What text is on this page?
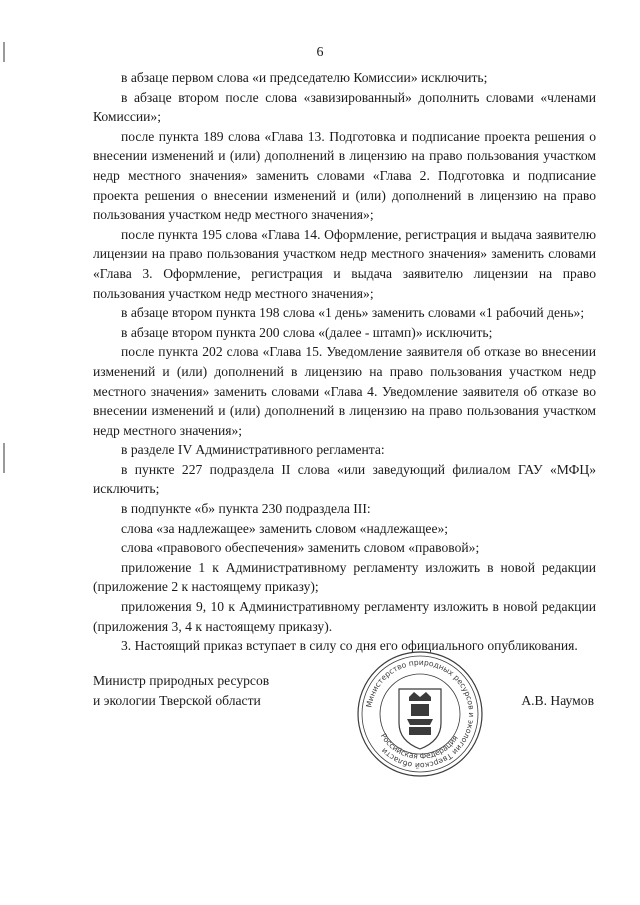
6

в абзаце первом слова «и председателю Комиссии» исключить;

в абзаце втором после слова «завизированный» дополнить словами «членами Комиссии»;

после пункта 189 слова «Глава 13. Подготовка и подписание проекта решения о внесении изменений и (или) дополнений в лицензию на право пользования участком недр местного значения» заменить словами «Глава 2. Подготовка и подписание проекта решения о внесении изменений и (или) дополнений в лицензию на право пользования участком недр местного значения»;

после пункта 195 слова «Глава 14. Оформление, регистрация и выдача заявителю лицензии на право пользования участком недр местного значения» заменить словами «Глава 3. Оформление, регистрация и выдача заявителю лицензии на право пользования участком недр местного значения»;

в абзаце втором пункта 198 слова «1 день» заменить словами «1 рабочий день»;

в абзаце втором пункта 200 слова «(далее - штамп)» исключить;

после пункта 202 слова «Глава 15. Уведомление заявителя об отказе во внесении изменений и (или) дополнений в лицензию на право пользования участком недр местного значения» заменить словами «Глава 4. Уведомление заявителя об отказе во внесении изменений и (или) дополнений в лицензию на право пользования участком недр местного значения»;

в разделе IV Административного регламента:

в пункте 227 подраздела II слова «или заведующий филиалом ГАУ «МФЦ» исключить;

в подпункте «б» пункта 230 подраздела III:

слова «за надлежащее» заменить словом «надлежащее»;

слова «правового обеспечения» заменить словом «правовой»;

приложение 1 к Административному регламенту изложить в новой редакции (приложение 2 к настоящему приказу);

приложения 9, 10 к Административному регламенту изложить в новой редакции (приложения 3, 4 к настоящему приказу).

3. Настоящий приказ вступает в силу со дня его официального опубликования.

Министр природных ресурсов
и экологии Тверской области	Министерство природных ресурсов и экологии Тверской области
Российская Федерация
А.В. Наумов
